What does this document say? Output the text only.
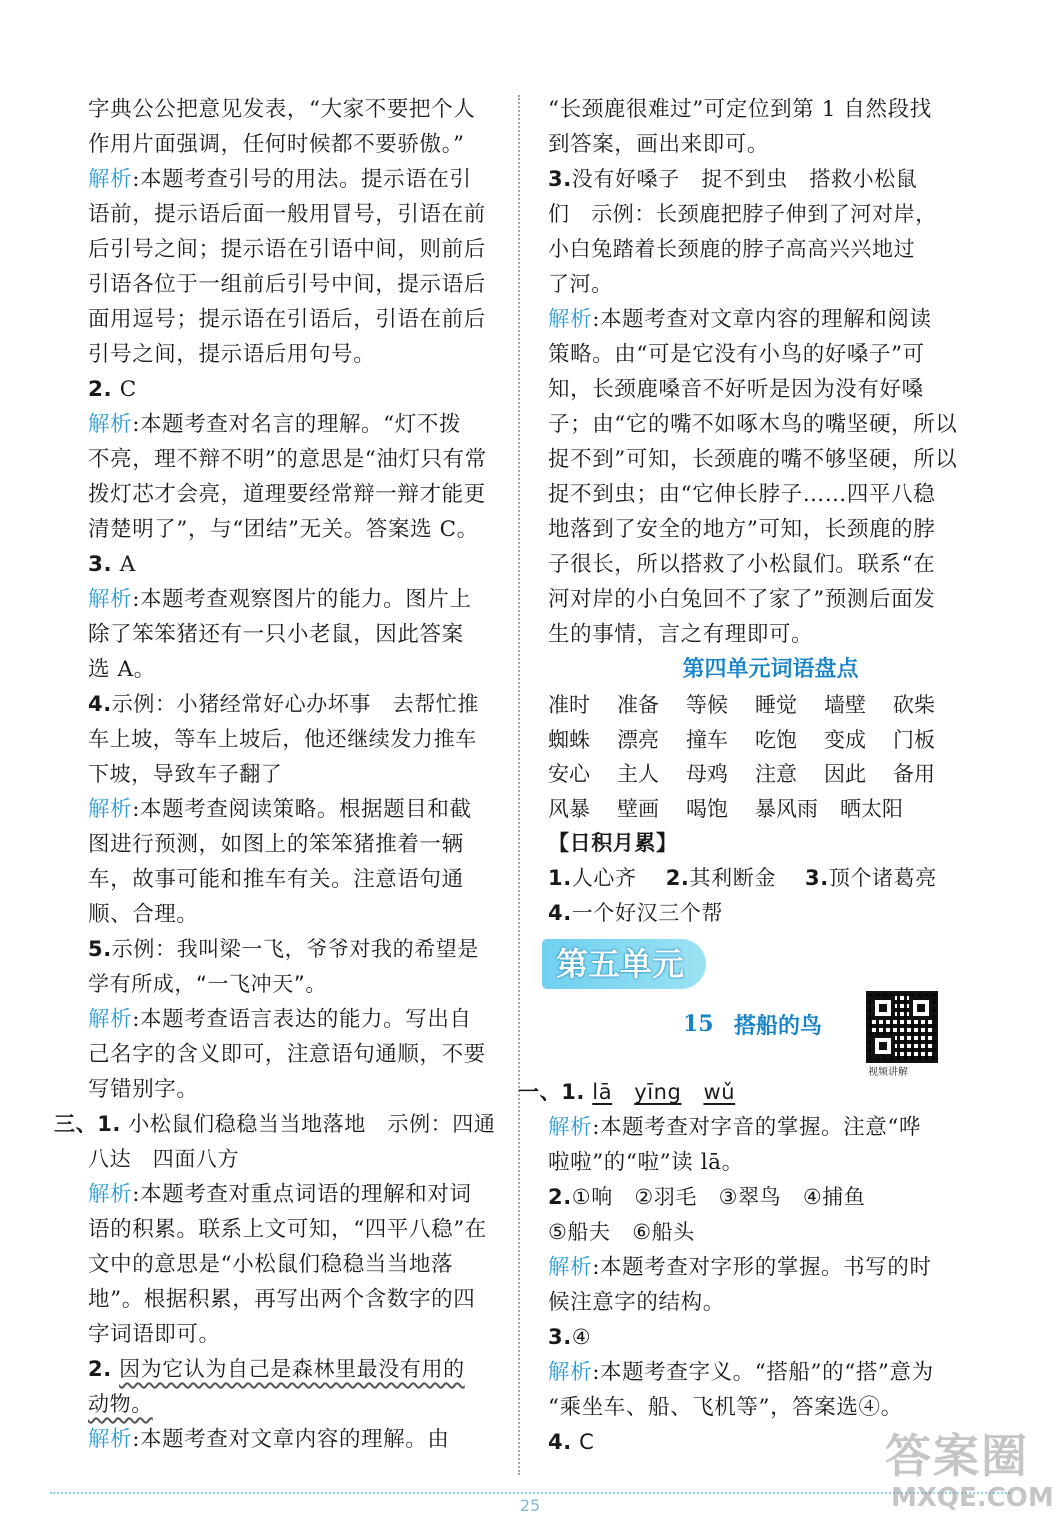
字典公公把意见发表，“大家不要把个人
作用片面强调，任何时候都不要骄傲。”
解析:本题考查引号的用法。提示语在引
语前，提示语后面一般用冒号，引语在前
后引号之间；提示语在引语中间，则前后
引语各位于一组前后引号中间，提示语后
面用逗号；提示语在引语后，引语在前后
引号之间，提示语后用句号。
2. C
解析:本题考查对名言的理解。“灯不拨
不亮，理不辩不明”的意思是“油灯只有常
拨灯芯才会亮，道理要经常辩一辩才能更
清楚明了”，与“团结”无关。答案选 C。
3. A
解析:本题考查观察图片的能力。图片上
除了笨笨猪还有一只小老鼠，因此答案
选 A。
4.示例：小猪经常好心办坏事　去帮忙推
车上坡，等车上坡后，他还继续发力推车
下坡，导致车子翻了
解析:本题考查阅读策略。根据题目和截
图进行预测，如图上的笨笨猪推着一辆
车，故事可能和推车有关。注意语句通
顺、合理。
5.示例：我叫梁一飞，爷爷对我的希望是
学有所成，“一飞冲天”。
解析:本题考查语言表达的能力。写出自
己名字的含义即可，注意语句通顺，不要
写错别字。
三、1. 小松鼠们稳稳当当地落地　示例：四通
八达　四面八方
解析:本题考查对重点词语的理解和对词
语的积累。联系上文可知，“四平八稳”在
文中的意思是“小松鼠们稳稳当当地落
地”。根据积累，再写出两个含数字的四
字词语即可。
2. 因为它认为自己是森林里最没有用的
动物。
解析:本题考查对文章内容的理解。由
“长颈鹿很难过”可定位到第 1 自然段找
到答案，画出来即可。
3.没有好嗓子　捉不到虫　搭救小松鼠
们　示例：长颈鹿把脖子伸到了河对岸，
小白兔踏着长颈鹿的脖子高高兴兴地过
了河。
解析:本题考查对文章内容的理解和阅读
策略。由“可是它没有小鸟的好嗓子”可
知，长颈鹿嗓音不好听是因为没有好嗓
子；由“它的嘴不如啄木鸟的嘴坚硬，所以
捉不到”可知，长颈鹿的嘴不够坚硬，所以
捉不到虫；由“它伸长脖子……四平八稳
地落到了安全的地方”可知，长颈鹿的脖
子很长，所以搭救了小松鼠们。联系“在
河对岸的小白兔回不了家了”预测后面发
生的事情，言之有理即可。
第四单元词语盘点
准时 准备 等候 睡觉 墙壁 砍柴
蜘蛛 漂亮 撞车 吃饱 变成 门板
安心 主人 母鸡 注意 因此 备用
风暴 壁画 喝饱 暴风雨 晒太阳
【日积月累】
1.人心齐 2.其利断金 3.顶个诸葛亮
4.一个好汉三个帮
第五单元
15 搭船的鸟
视频讲解
一、1. lā yīng wǔ
解析:本题考查对字音的掌握。注意“哗
啦啦”的“啦”读 lā。
2.①响　②羽毛　③翠鸟　④捕鱼
⑤船夫　⑥船头
解析:本题考查对字形的掌握。书写的时
候注意字的结构。
3.④
解析:本题考查字义。“搭船”的“搭”意为
“乘坐车、船、飞机等”，答案选④。
4. C
25
答案圈
MXQE.COM
